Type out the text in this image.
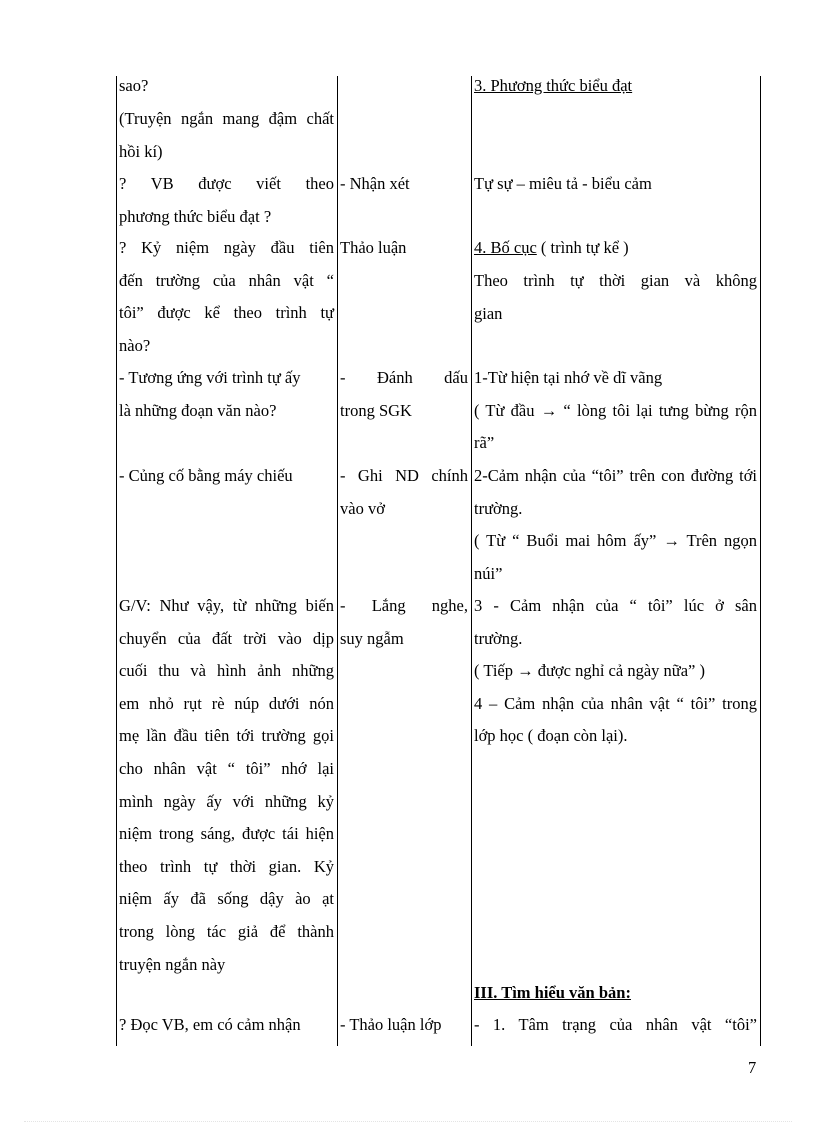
sao?
(Truyện ngắn mang đậm chất
hồi kí)
? VB được viết theo
phương thức biểu đạt ?
? Kỷ niệm ngày đầu tiên
đến trường của nhân vật “
tôi” được kể theo trình tự
nào?
- Tương ứng với trình tự ấy
là những đoạn văn nào?
- Củng cố bằng máy chiếu
G/V: Như vậy, từ những biến
chuyển của đất trời vào dịp
cuối thu và hình ảnh những
em nhỏ rụt rè núp dưới nón
mẹ lần đầu tiên tới trường gọi
cho nhân vật “ tôi” nhớ lại
mình ngày ấy với những kỷ
niệm trong sáng, được tái hiện
theo trình tự thời gian. Kỷ
niệm ấy đã sống dậy ào ạt
trong lòng tác giả để thành
truyện ngắn này
? Đọc VB, em có cảm nhận
- Nhận xét
Thảo luận
- Đánh dấu
trong SGK
- Ghi ND chính
vào vở
- Lắng nghe,
suy ngẫm
- Thảo luận lớp
3. Phương thức biểu đạt
Tự sự – miêu tả - biểu cảm
4. Bố cục ( trình tự kể )
Theo trình tự thời gian và không
gian
1-Từ hiện tại nhớ về dĩ vãng
( Từ đầu → “ lòng tôi lại tưng bừng rộn
rã”
2-Cảm nhận của “tôi” trên con đường tới
trường.
( Từ “ Buổi mai hôm ấy” → Trên ngọn
núi”
3 - Cảm nhận của “ tôi” lúc ở sân
trường.
( Tiếp → được nghỉ cả ngày nữa” )
4 – Cảm nhận của nhân vật “ tôi” trong
lớp học ( đoạn còn lại).
III. Tìm hiểu văn bản:
- 1. Tâm trạng của nhân vật “tôi”
7
